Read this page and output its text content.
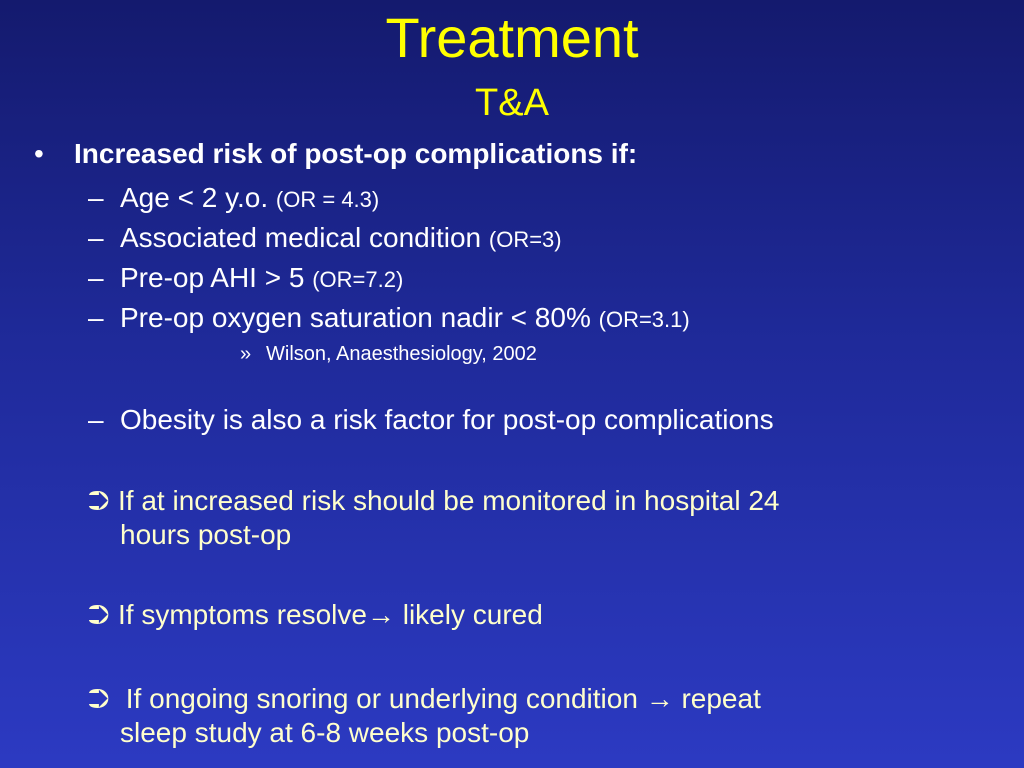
Treatment
T&A
• Increased risk of post-op complications if:
– Age < 2 y.o. (OR = 4.3)
– Associated medical condition (OR=3)
– Pre-op AHI > 5 (OR=7.2)
– Pre-op oxygen saturation nadir < 80% (OR=3.1)
» Wilson, Anaesthesiology, 2002
– Obesity is also a risk factor for post-op complications
⮊ If at increased risk should be monitored in hospital 24
hours post-op
⮊ If symptoms resolve→ likely cured
⮊ If ongoing snoring or underlying condition → repeat
sleep study at 6-8 weeks post-op
